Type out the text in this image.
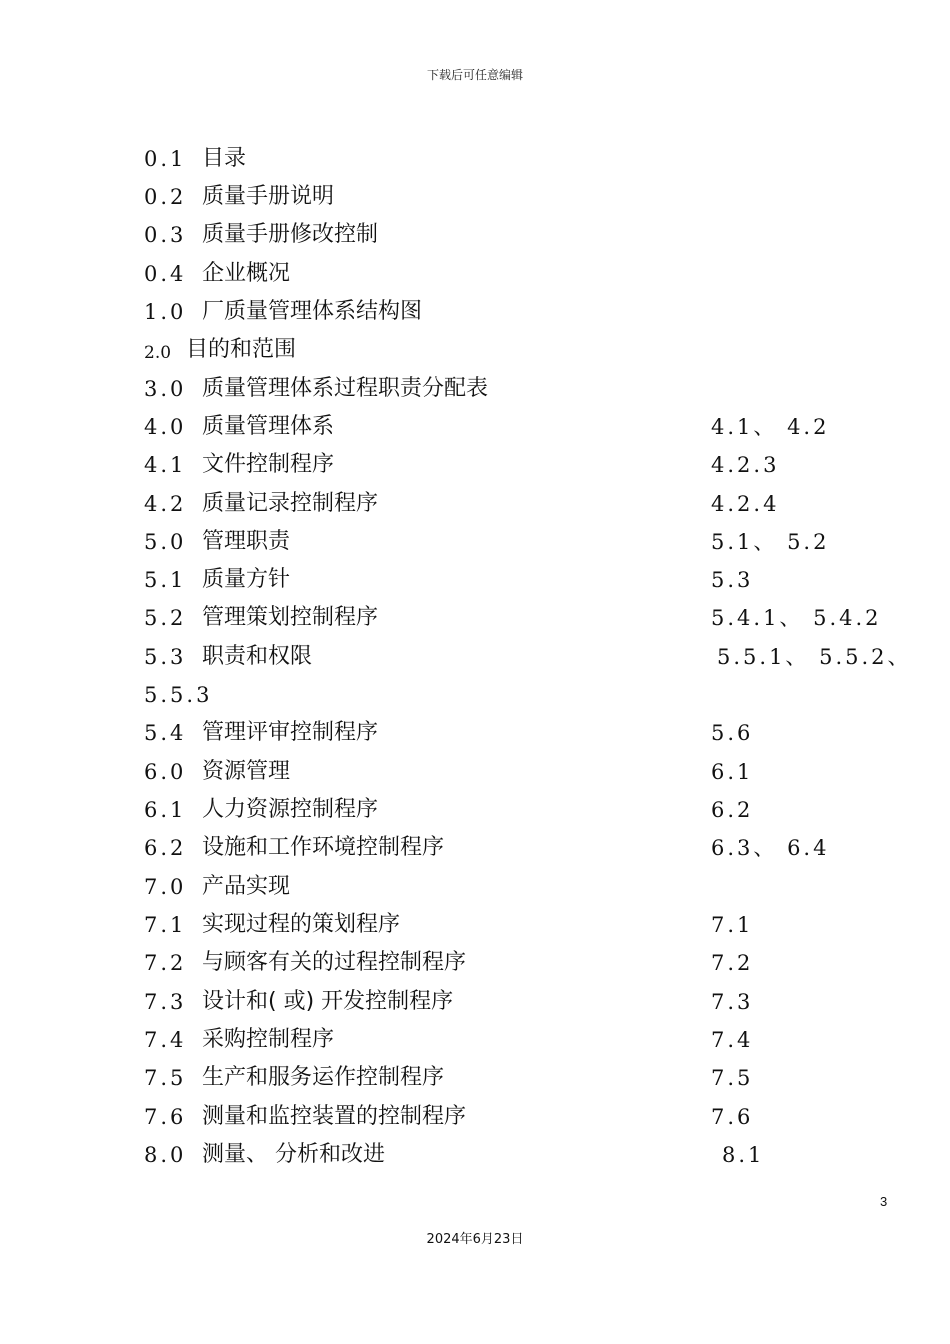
下载后可任意编辑
0.1 目录
0.2 质量手册说明
0.3 质量手册修改控制
0.4 企业概况
1.0 厂质量管理体系结构图
2.0 目的和范围
3.0 质量管理体系过程职责分配表
4.0 质量管理体系	4.1、 4.2
4.1 文件控制程序	4.2.3
4.2 质量记录控制程序	4.2.4
5.0 管理职责	5.1、 5.2
5.1 质量方针	5.3
5.2 管理策划控制程序	5.4.1、 5.4.2
5.3 职责和权限	5.5.1、 5.5.2、
5.5.3
5.4 管理评审控制程序	5.6
6.0 资源管理	6.1
6.1 人力资源控制程序	6.2
6.2 设施和工作环境控制程序	6.3、 6.4
7.0 产品实现
7.1 实现过程的策划程序	7.1
7.2 与顾客有关的过程控制程序	7.2
7.3 设计和( 或) 开发控制程序	7.3
7.4 采购控制程序	7.4
7.5 生产和服务运作控制程序	7.5
7.6 测量和监控装置的控制程序	7.6
8.0 测量、 分析和改进	8.1
3
2024年6月23日
